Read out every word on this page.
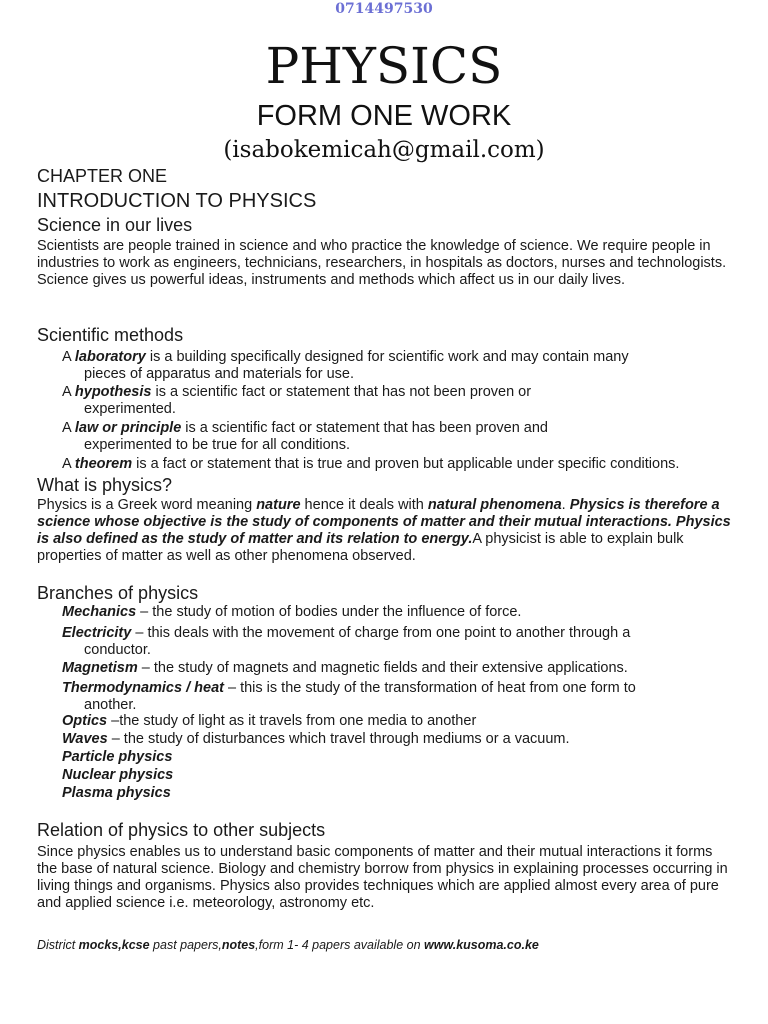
0714497530
PHYSICS
FORM ONE WORK
(isabokemicah@gmail.com)
CHAPTER ONE
INTRODUCTION TO PHYSICS
Science in our lives

Scientists are people trained in science and who practice the knowledge of science. We require people in industries to work as engineers, technicians, researchers, in hospitals as doctors, nurses and technologists. Science gives us powerful ideas, instruments and methods which affect us in our daily lives.

Scientific methods
A laboratory is a building specifically designed for scientific work and may contain many
pieces of apparatus and materials for use.
A hypothesis is a scientific fact or statement that has not been proven or
experimented.
A law or principle is a scientific fact or statement that has been proven and
experimented to be true for all conditions.
A theorem is a fact or statement that is true and proven but applicable under specific conditions.
What is physics?

Physics is a Greek word meaning nature hence it deals with natural phenomena. Physics is therefore a science whose objective is the study of components of matter and their mutual interactions. Physics is also defined as the study of matter and its relation to energy.A physicist is able to explain bulk properties of matter as well as other phenomena observed.

Branches of physics
Mechanics – the study of motion of bodies under the influence of force.
Electricity – this deals with the movement of charge from one point to another through a
conductor.
Magnetism – the study of magnets and magnetic fields and their extensive applications.
Thermodynamics / heat – this is the study of the transformation of heat from one form to
another.
Optics –the study of light as it travels from one media to another
Waves – the study of disturbances which travel through mediums or a vacuum.
Particle physics
Nuclear physics
Plasma physics
Relation of physics to other subjects

Since physics enables us to understand basic components of matter and their mutual interactions it forms the base of natural science. Biology and chemistry borrow from physics in explaining processes occurring in living things and organisms. Physics also provides techniques which are applied almost every area of pure and applied science i.e. meteorology, astronomy etc.

District mocks,kcse past papers,notes,form 1- 4 papers available on www.kusoma.co.ke
